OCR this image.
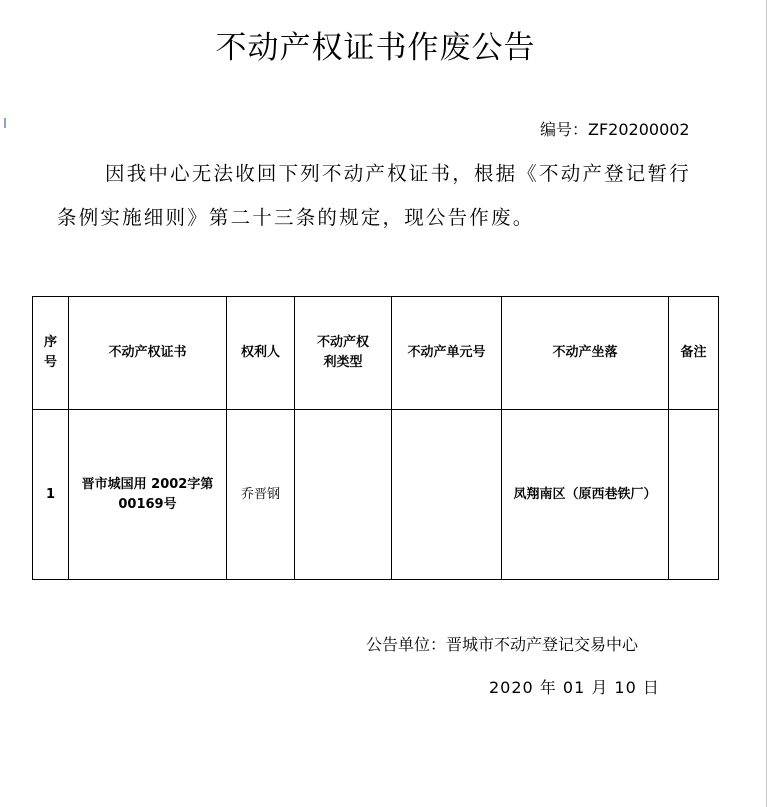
不动产权证书作废公告
编号：ZF20200002
因我中心无法收回下列不动产权证书，根据《不动产登记暂行条例实施细则》第二十三条的规定，现公告作废。
序号	不动产权证书	权利人	不动产权利类型	不动产单元号	不动产坐落	备注
1	晋市城国用 2002字第00169号	乔晋钢			凤翔南区（原西巷铁厂）	
公告单位：晋城市不动产登记交易中心
2020 年 01 月 10 日
